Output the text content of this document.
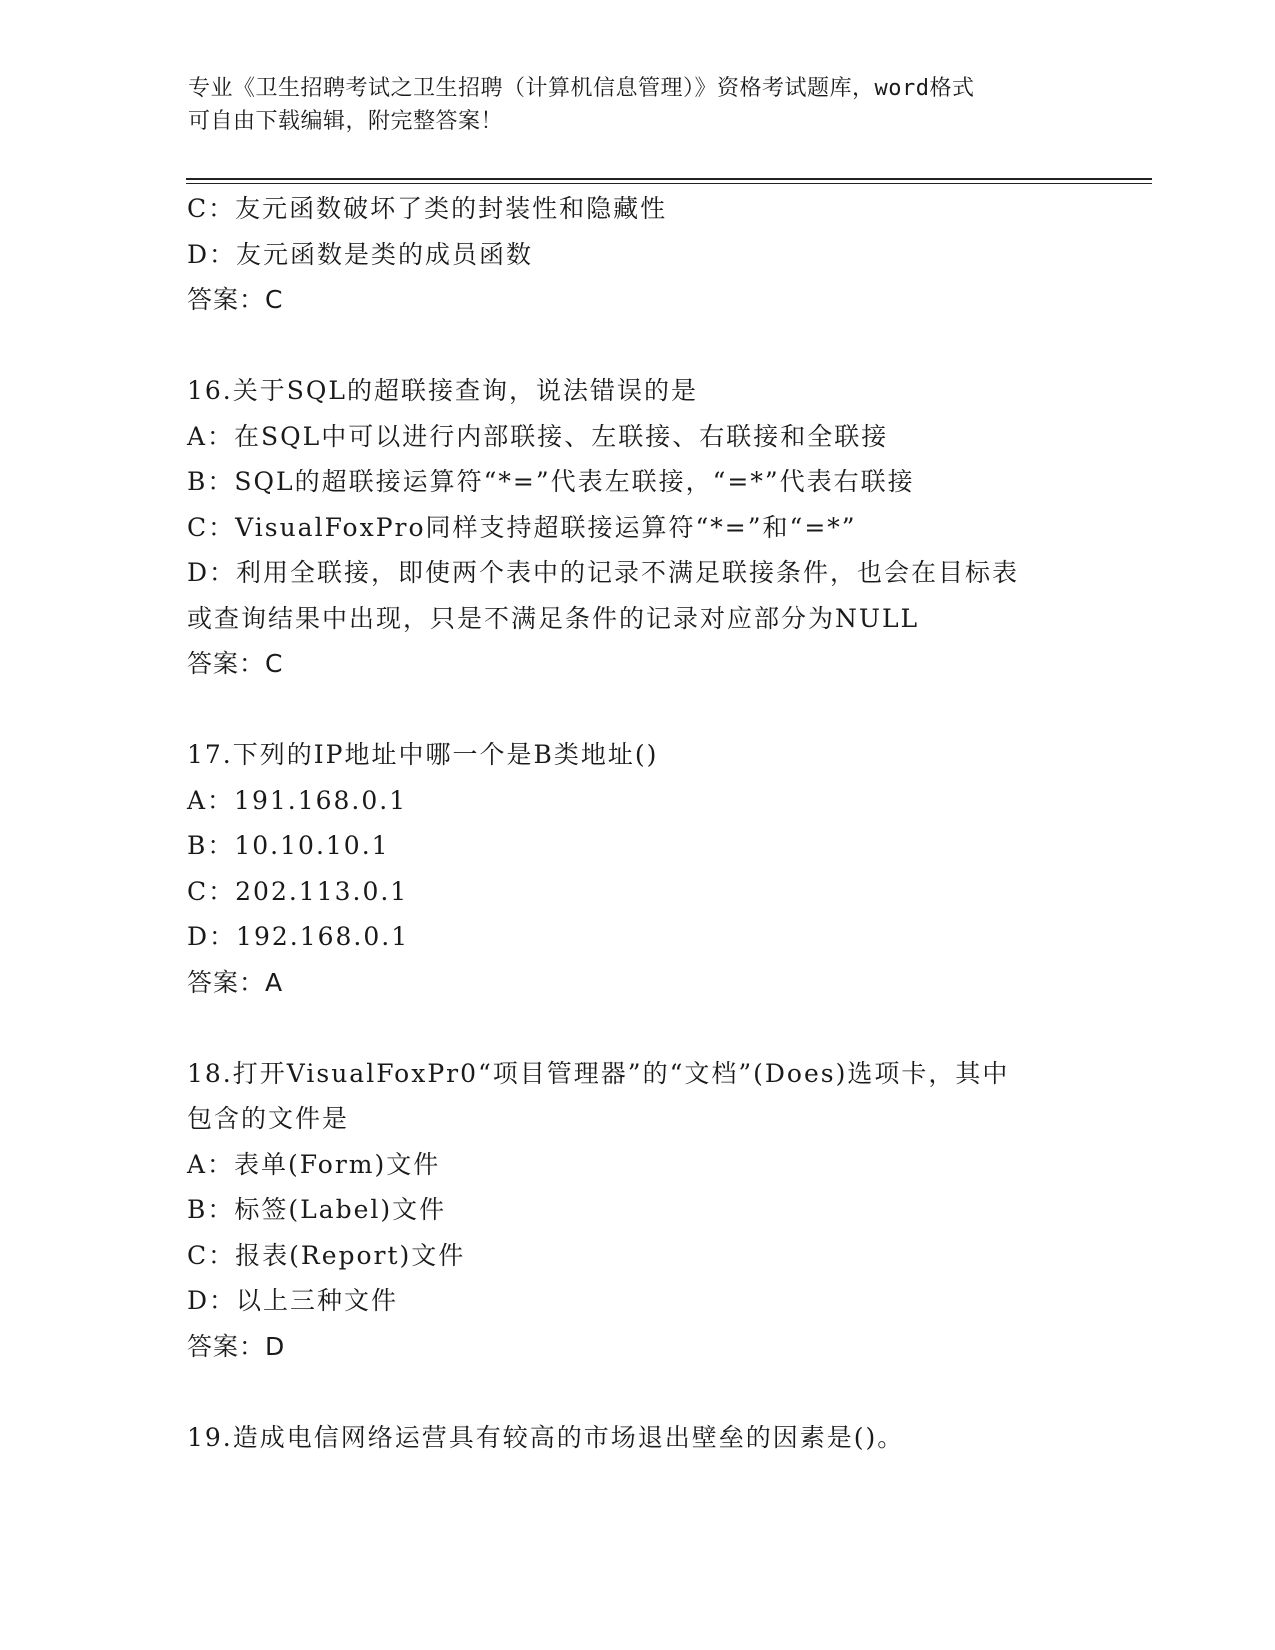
专业《卫生招聘考试之卫生招聘（计算机信息管理）》资格考试题库，word格式
可自由下载编辑，附完整答案！
C：友元函数破坏了类的封装性和隐藏性
D：友元函数是类的成员函数
答案：C
16.关于SQL的超联接查询，说法错误的是
A：在SQL中可以进行内部联接、左联接、右联接和全联接
B：SQL的超联接运算符“*=”代表左联接，“=*”代表右联接
C：VisualFoxPro同样支持超联接运算符“*=”和“=*”
D：利用全联接，即使两个表中的记录不满足联接条件，也会在目标表
或查询结果中出现，只是不满足条件的记录对应部分为NULL
答案：C
17.下列的IP地址中哪一个是B类地址()
A：191.168.0.1
B：10.10.10.1
C：202.113.0.1
D：192.168.0.1
答案：A
18.打开VisualFoxPr0“项目管理器”的“文档”(Does)选项卡，其中
包含的文件是
A：表单(Form)文件
B：标签(Label)文件
C：报表(Report)文件
D：以上三种文件
答案：D
19.造成电信网络运营具有较高的市场退出壁垒的因素是()。
